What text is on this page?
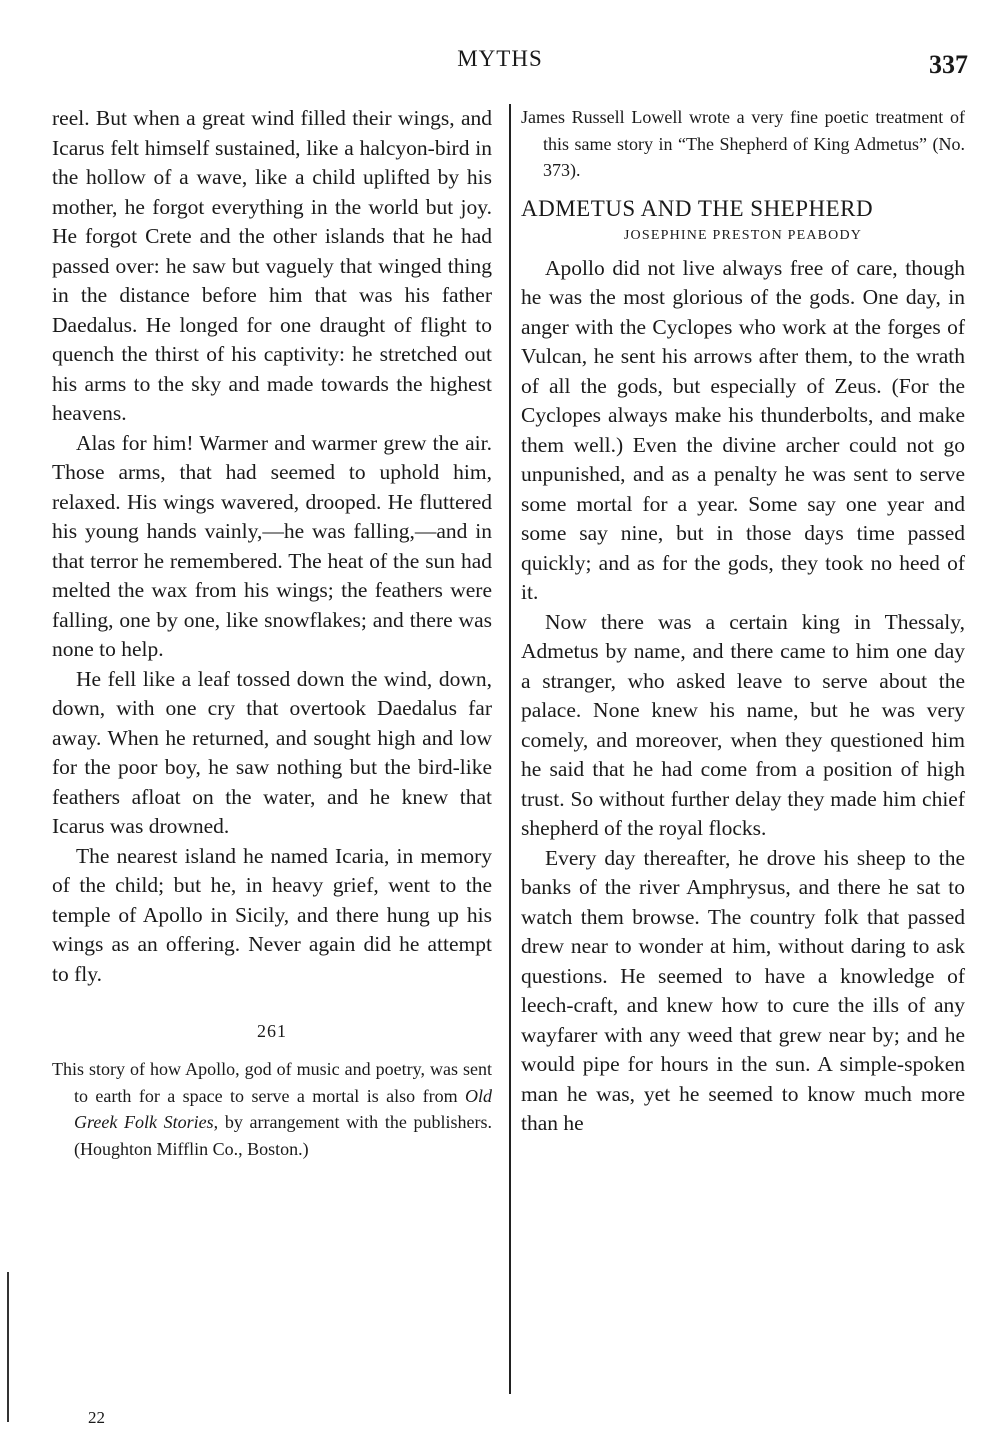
MYTHS	337

reel. But when a great wind filled their wings, and Icarus felt himself sustained, like a halcyon-bird in the hollow of a wave, like a child uplifted by his mother, he forgot everything in the world but joy. He forgot Crete and the other islands that he had passed over: he saw but vaguely that winged thing in the distance before him that was his father Daedalus. He longed for one draught of flight to quench the thirst of his captivity: he stretched out his arms to the sky and made towards the highest heavens.

Alas for him! Warmer and warmer grew the air. Those arms, that had seemed to uphold him, relaxed. His wings wavered, drooped. He fluttered his young hands vainly,—he was falling,—and in that terror he remembered. The heat of the sun had melted the wax from his wings; the feathers were falling, one by one, like snowflakes; and there was none to help.

He fell like a leaf tossed down the wind, down, down, with one cry that overtook Daedalus far away. When he returned, and sought high and low for the poor boy, he saw nothing but the bird-like feathers afloat on the water, and he knew that Icarus was drowned.

The nearest island he named Icaria, in memory of the child; but he, in heavy grief, went to the temple of Apollo in Sicily, and there hung up his wings as an offering. Never again did he attempt to fly.

261

This story of how Apollo, god of music and poetry, was sent to earth for a space to serve a mortal is also from Old Greek Folk Stories, by arrangement with the publishers. (Houghton Mifflin Co., Boston.)

22

James Russell Lowell wrote a very fine poetic treatment of this same story in “The Shepherd of King Admetus” (No. 373).

ADMETUS AND THE SHEPHERD
JOSEPHINE PRESTON PEABODY

Apollo did not live always free of care, though he was the most glorious of the gods. One day, in anger with the Cyclopes who work at the forges of Vulcan, he sent his arrows after them, to the wrath of all the gods, but especially of Zeus. (For the Cyclopes always make his thunderbolts, and make them well.) Even the divine archer could not go unpunished, and as a penalty he was sent to serve some mortal for a year. Some say one year and some say nine, but in those days time passed quickly; and as for the gods, they took no heed of it.

Now there was a certain king in Thessaly, Admetus by name, and there came to him one day a stranger, who asked leave to serve about the palace. None knew his name, but he was very comely, and moreover, when they questioned him he said that he had come from a position of high trust. So without further delay they made him chief shepherd of the royal flocks.

Every day thereafter, he drove his sheep to the banks of the river Amphrysus, and there he sat to watch them browse. The country folk that passed drew near to wonder at him, without daring to ask questions. He seemed to have a knowledge of leech-craft, and knew how to cure the ills of any wayfarer with any weed that grew near by; and he would pipe for hours in the sun. A simple-spoken man he was, yet he seemed to know much more than he
